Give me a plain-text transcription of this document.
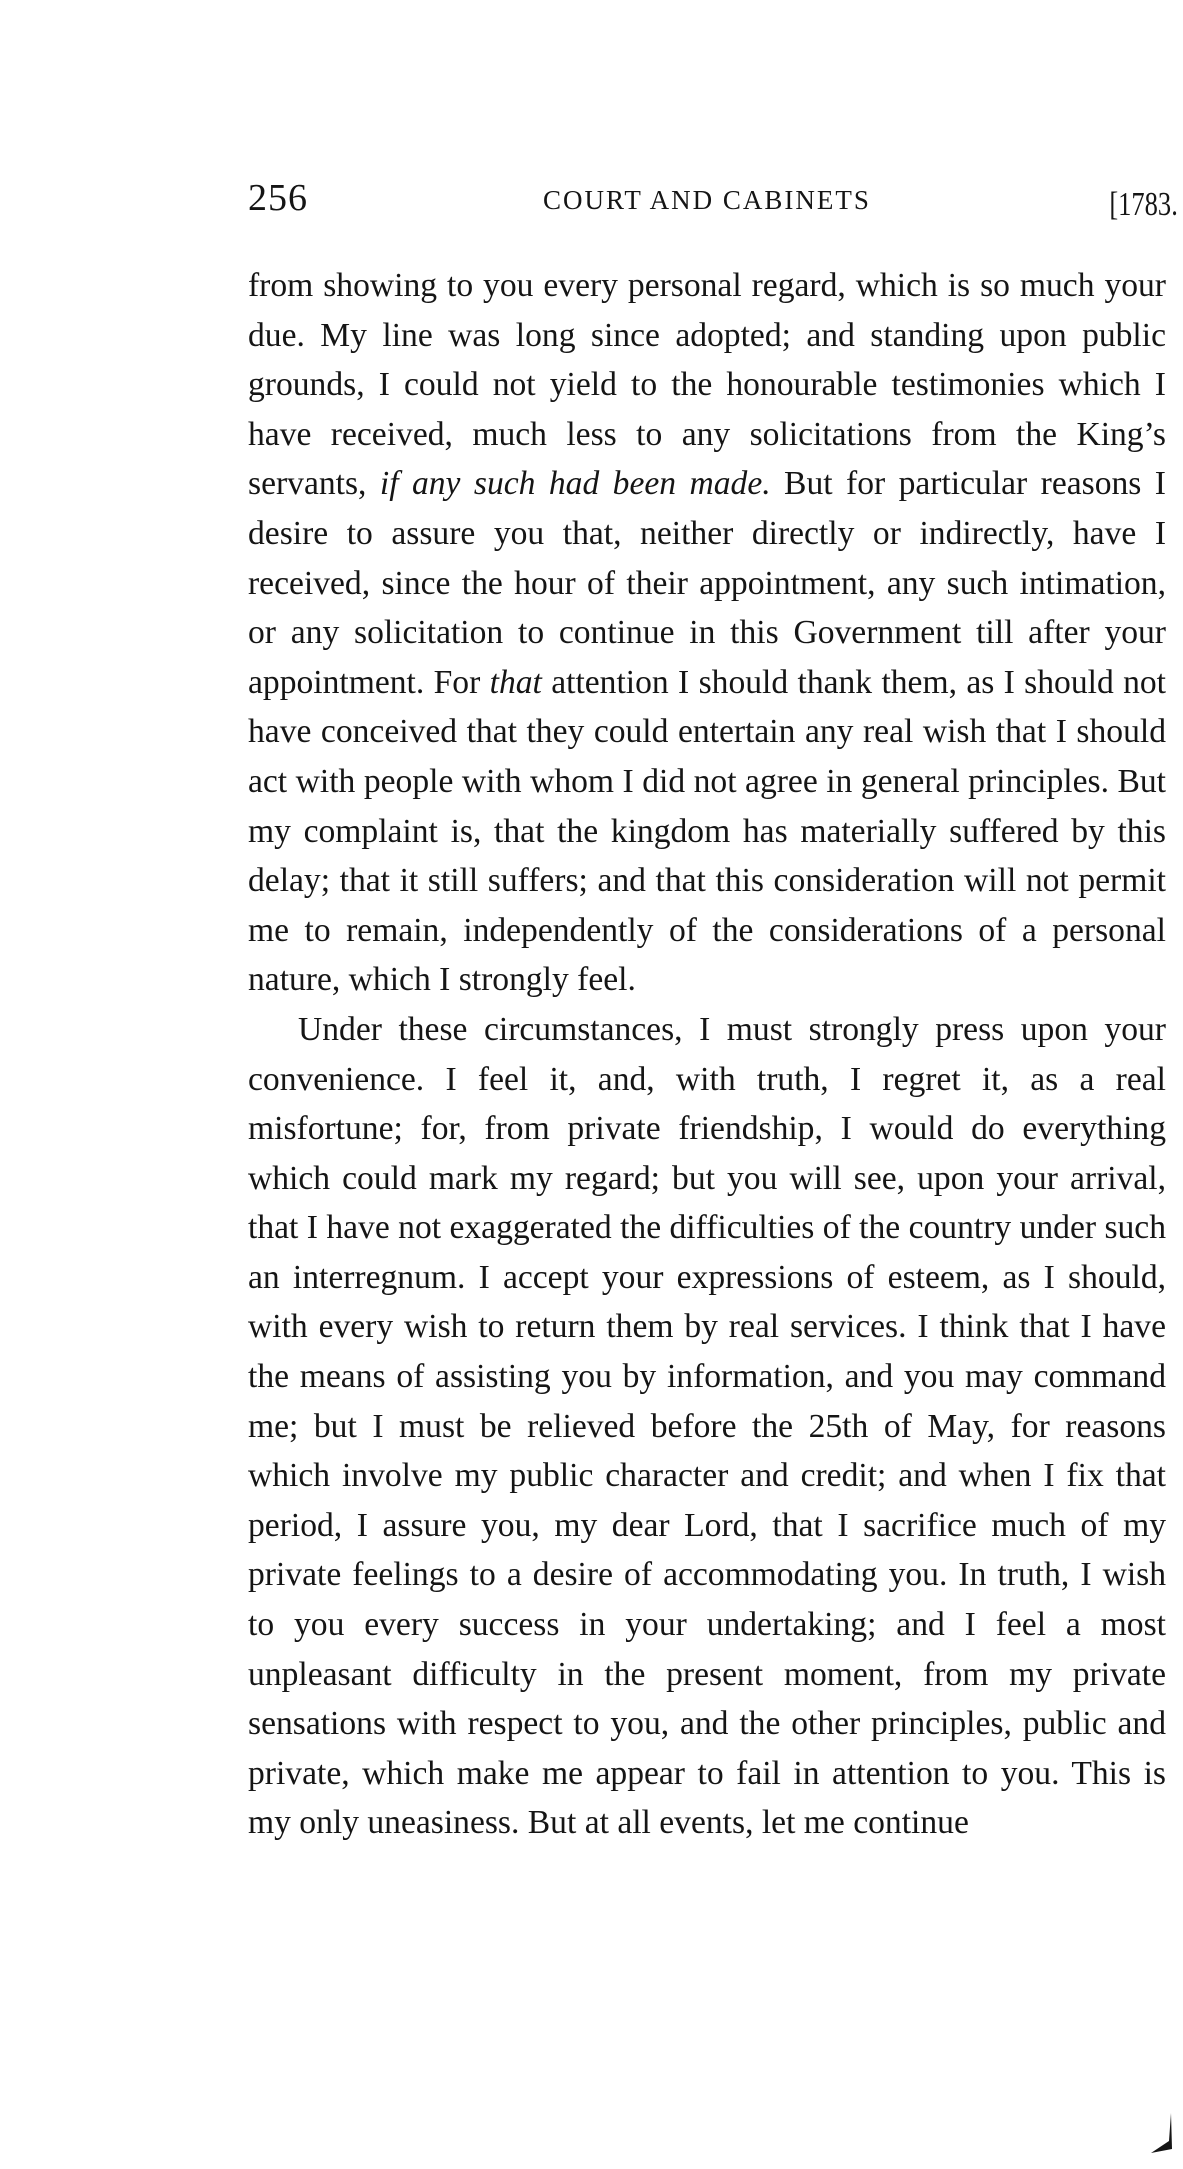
256	COURT AND CABINETS	[1783.

from showing to you every personal regard, which is so much your due. My line was long since adopted; and standing upon public grounds, I could not yield to the honourable testimonies which I have received, much less to any solicitations from the King’s servants, if any such had been made. But for particular reasons I desire to assure you that, neither directly or indirectly, have I received, since the hour of their appointment, any such intimation, or any solicitation to continue in this Government till after your appointment. For that attention I should thank them, as I should not have conceived that they could entertain any real wish that I should act with people with whom I did not agree in general principles. But my complaint is, that the kingdom has materially suffered by this delay; that it still suffers; and that this consideration will not permit me to remain, independently of the considerations of a personal nature, which I strongly feel.

Under these circumstances, I must strongly press upon your convenience. I feel it, and, with truth, I regret it, as a real misfortune; for, from private friendship, I would do everything which could mark my regard; but you will see, upon your arrival, that I have not exaggerated the difficulties of the country under such an interregnum. I accept your expressions of esteem, as I should, with every wish to return them by real services. I think that I have the means of assisting you by information, and you may command me; but I must be relieved before the 25th of May, for reasons which involve my public character and credit; and when I fix that period, I assure you, my dear Lord, that I sacrifice much of my private feelings to a desire of accommodating you. In truth, I wish to you every success in your undertaking; and I feel a most unpleasant difficulty in the present moment, from my private sensations with respect to you, and the other principles, public and private, which make me appear to fail in attention to you. This is my only uneasiness. But at all events, let me continue
